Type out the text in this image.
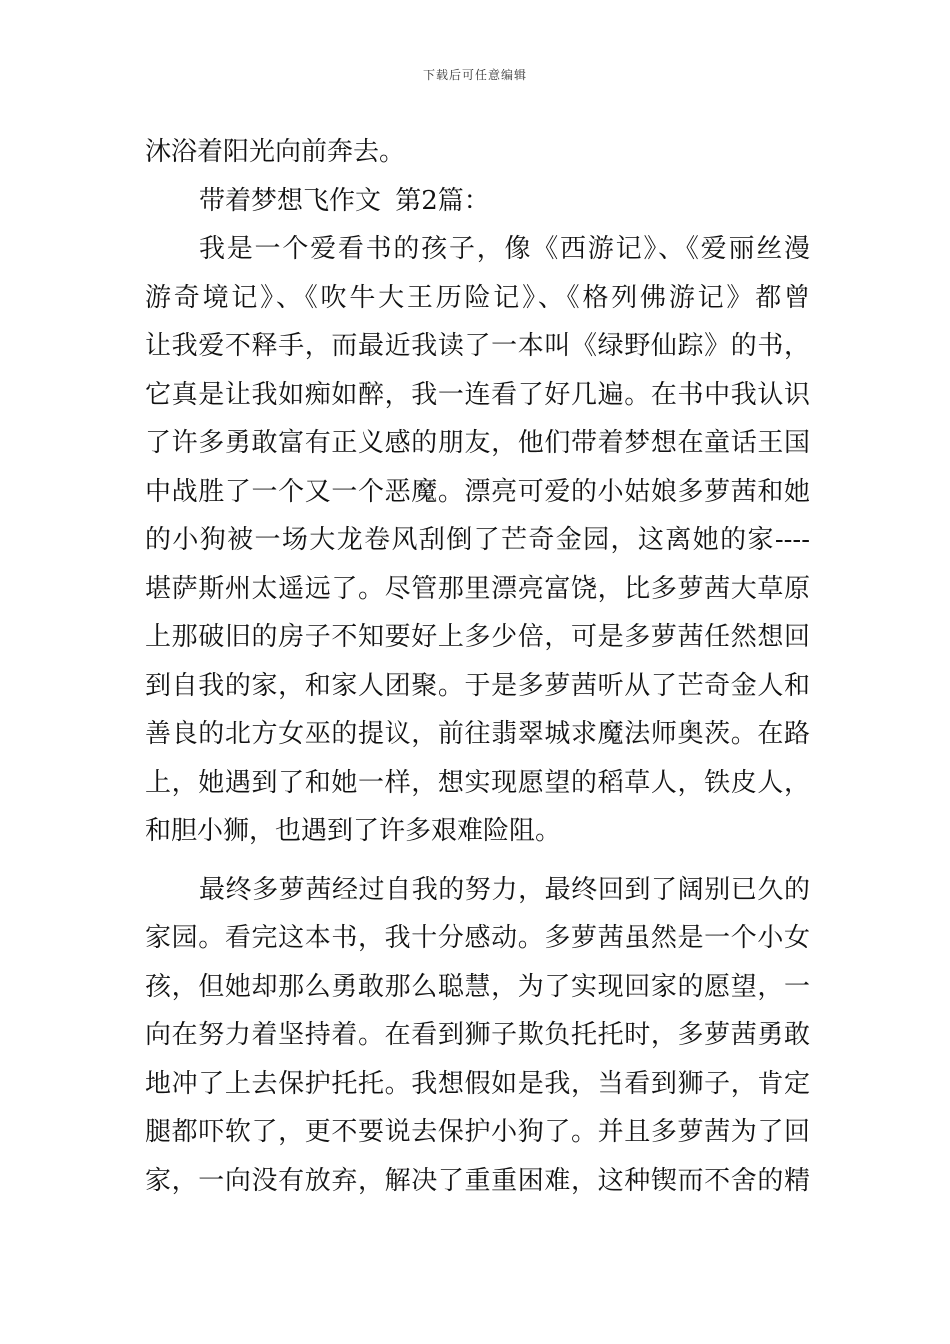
下载后可任意编辑
沐浴着阳光向前奔去。
带着梦想飞作文 第2篇：
我是一个爱看书的孩子，像《西游记》、《爱丽丝漫
游奇境记》、《吹牛大王历险记》、《格列佛游记》都曾
让我爱不释手，而最近我读了一本叫《绿野仙踪》的书，
它真是让我如痴如醉，我一连看了好几遍。在书中我认识
了许多勇敢富有正义感的朋友，他们带着梦想在童话王国
中战胜了一个又一个恶魔。漂亮可爱的小姑娘多萝茜和她
的小狗被一场大龙卷风刮倒了芒奇金园，这离她的家----
堪萨斯州太遥远了。尽管那里漂亮富饶，比多萝茜大草原
上那破旧的房子不知要好上多少倍，可是多萝茜任然想回
到自我的家，和家人团聚。于是多萝茜听从了芒奇金人和
善良的北方女巫的提议，前往翡翠城求魔法师奥茨。在路
上，她遇到了和她一样，想实现愿望的稻草人，铁皮人，
和胆小狮，也遇到了许多艰难险阻。
最终多萝茜经过自我的努力，最终回到了阔别已久的
家园。看完这本书，我十分感动。多萝茜虽然是一个小女
孩，但她却那么勇敢那么聪慧，为了实现回家的愿望，一
向在努力着坚持着。在看到狮子欺负托托时，多萝茜勇敢
地冲了上去保护托托。我想假如是我，当看到狮子，肯定
腿都吓软了，更不要说去保护小狗了。并且多萝茜为了回
家，一向没有放弃，解决了重重困难，这种锲而不舍的精
